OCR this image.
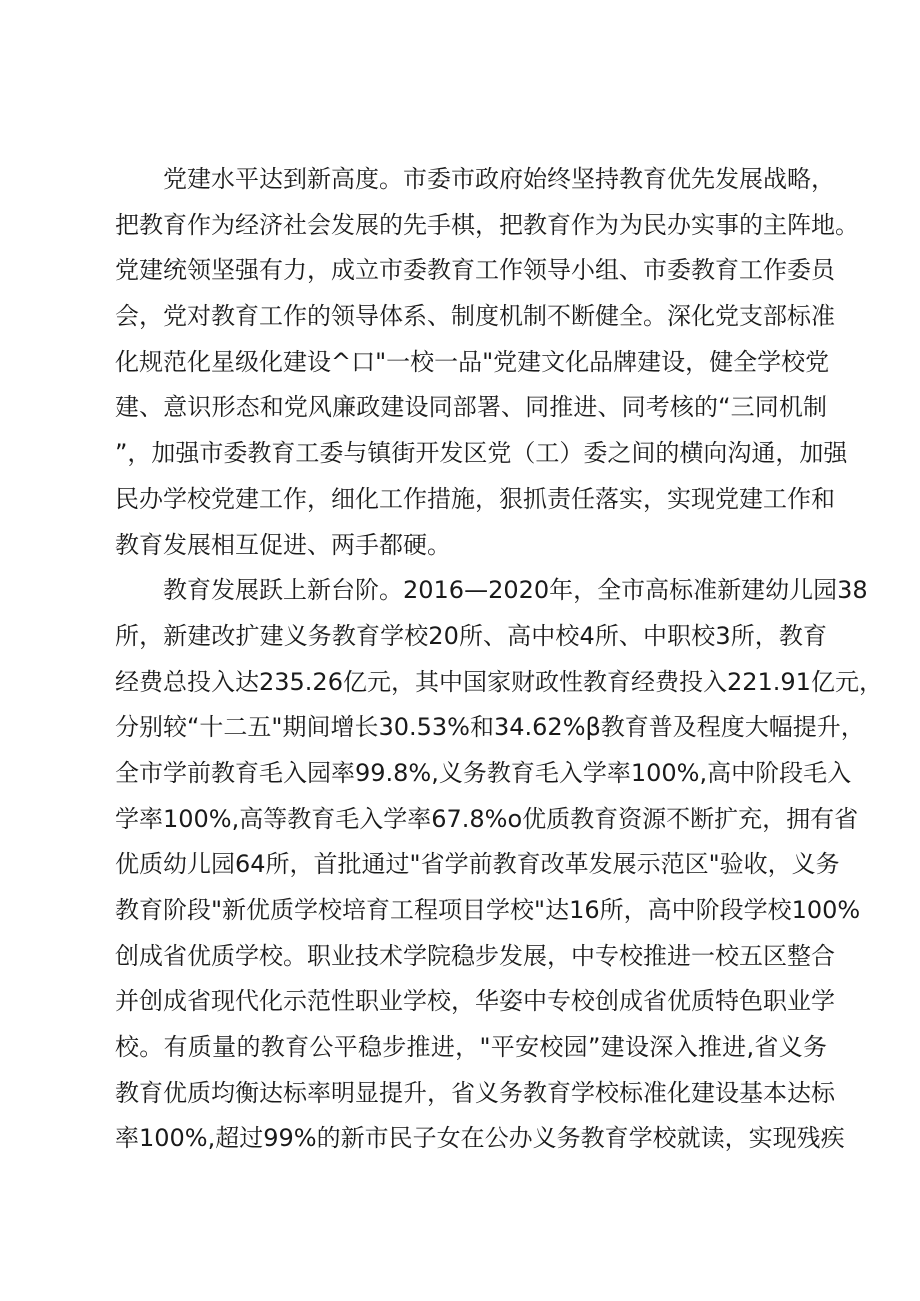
党建水平达到新高度。市委市政府始终坚持教育优先发展战略，
把教育作为经济社会发展的先手棋，把教育作为为民办实事的主阵地。
党建统领坚强有力，成立市委教育工作领导小组、市委教育工作委员
会，党对教育工作的领导体系、制度机制不断健全。深化党支部标准
化规范化星级化建设^口"一校一品"党建文化品牌建设，健全学校党
建、意识形态和党风廉政建设同部署、同推进、同考核的“三同机制
”，加强市委教育工委与镇街开发区党（工）委之间的横向沟通，加强
民办学校党建工作，细化工作措施，狠抓责任落实，实现党建工作和
教育发展相互促进、两手都硬。
教育发展跃上新台阶。2016—2020年，全市高标准新建幼儿园38
所，新建改扩建义务教育学校20所、高中校4所、中职校3所，教育
经费总投入达235.26亿元，其中国家财政性教育经费投入221.91亿元，
分别较“十二五"期间增长30.53%和34.62%β教育普及程度大幅提升，
全市学前教育毛入园率99.8%,义务教育毛入学率100%,高中阶段毛入
学率100%,高等教育毛入学率67.8%o优质教育资源不断扩充，拥有省
优质幼儿园64所，首批通过"省学前教育改革发展示范区"验收，义务
教育阶段"新优质学校培育工程项目学校"达16所，高中阶段学校100%
创成省优质学校。职业技术学院稳步发展，中专校推进一校五区整合
并创成省现代化示范性职业学校，华姿中专校创成省优质特色职业学
校。有质量的教育公平稳步推进，"平安校园”建设深入推进,省义务
教育优质均衡达标率明显提升，省义务教育学校标准化建设基本达标
率100%,超过99%的新市民子女在公办义务教育学校就读，实现残疾
